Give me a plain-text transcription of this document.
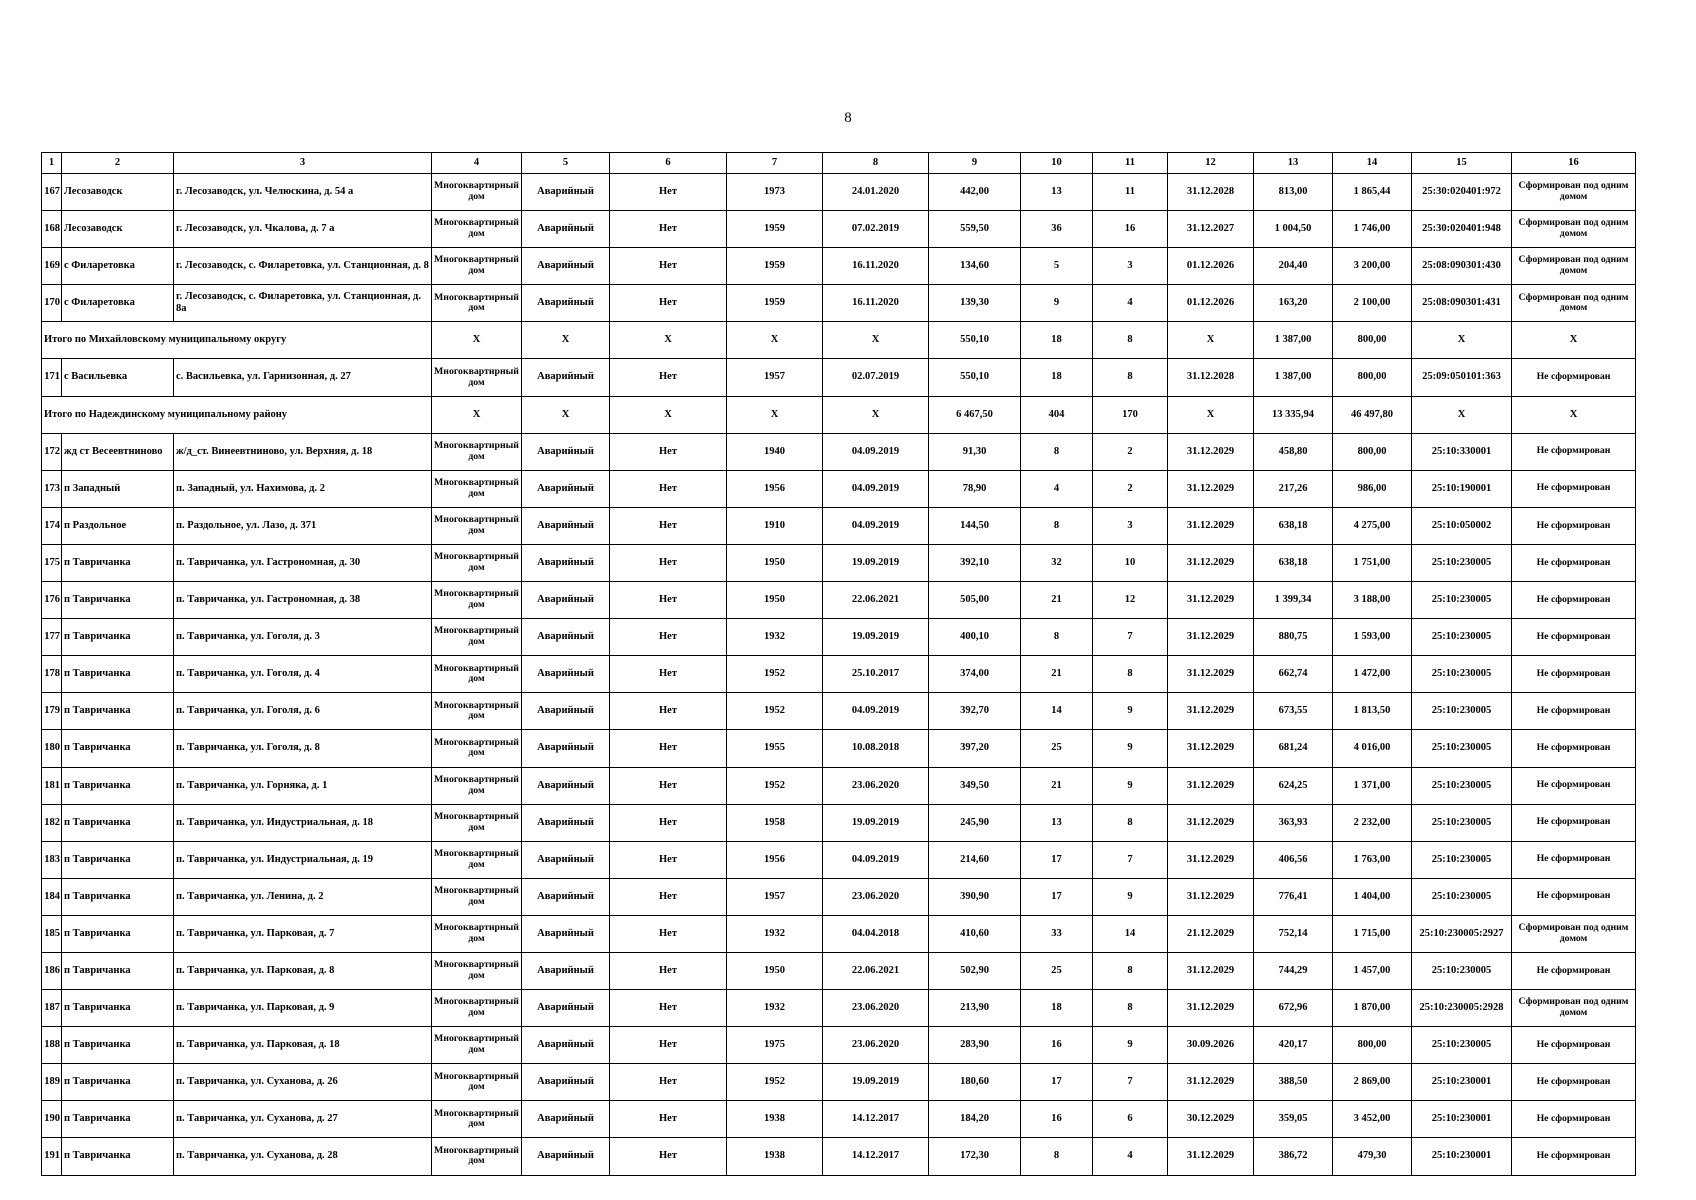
8
1	2	3	4	5	6	7	8	9	10	11	12	13	14	15	16
167	Лесозаводск	г. Лесозаводск, ул. Челюскина, д. 54 а	Многоквартирный дом	Аварийный	Нет	1973	24.01.2020	442,00	13	11	31.12.2028	813,00	1 865,44	25:30:020401:972	Сформирован под одним домом
168	Лесозаводск	г. Лесозаводск, ул. Чкалова, д. 7 а	Многоквартирный дом	Аварийный	Нет	1959	07.02.2019	559,50	36	16	31.12.2027	1 004,50	1 746,00	25:30:020401:948	Сформирован под одним домом
169	с Филаретовка	г. Лесозаводск, с. Филаретовка, ул. Станционная, д. 8	Многоквартирный дом	Аварийный	Нет	1959	16.11.2020	134,60	5	3	01.12.2026	204,40	3 200,00	25:08:090301:430	Сформирован под одним домом
170	с Филаретовка	г. Лесозаводск, с. Филаретовка, ул. Станционная, д. 8а	Многоквартирный дом	Аварийный	Нет	1959	16.11.2020	139,30	9	4	01.12.2026	163,20	2 100,00	25:08:090301:431	Сформирован под одним домом
Итого по Михайловскому муниципальному округу			Х	Х	Х	Х	Х	550,10	18	8	Х	1 387,00	800,00	Х	Х
171	с Васильевка	с. Васильевка, ул. Гарнизонная, д. 27	Многоквартирный дом	Аварийный	Нет	1957	02.07.2019	550,10	18	8	31.12.2028	1 387,00	800,00	25:09:050101:363	Не сформирован
Итого по Надеждинскому муниципальному району			Х	Х	Х	Х	Х	6 467,50	404	170	Х	13 335,94	46 497,80	Х	Х
172	жд ст Весеевтниново	ж/д_ст. Винеевтниново, ул. Верхняя, д. 18	Многоквартирный дом	Аварийный	Нет	1940	04.09.2019	91,30	8	2	31.12.2029	458,80	800,00	25:10:330001	Не сформирован
173	п Западный	п. Западный, ул. Нахимова, д. 2	Многоквартирный дом	Аварийный	Нет	1956	04.09.2019	78,90	4	2	31.12.2029	217,26	986,00	25:10:190001	Не сформирован
174	п Раздольное	п. Раздольное, ул. Лазо, д. 371	Многоквартирный дом	Аварийный	Нет	1910	04.09.2019	144,50	8	3	31.12.2029	638,18	4 275,00	25:10:050002	Не сформирован
175	п Тавричанка	п. Тавричанка, ул. Гастрономная, д. 30	Многоквартирный дом	Аварийный	Нет	1950	19.09.2019	392,10	32	10	31.12.2029	638,18	1 751,00	25:10:230005	Не сформирован
176	п Тавричанка	п. Тавричанка, ул. Гастрономная, д. 38	Многоквартирный дом	Аварийный	Нет	1950	22.06.2021	505,00	21	12	31.12.2029	1 399,34	3 188,00	25:10:230005	Не сформирован
177	п Тавричанка	п. Тавричанка, ул. Гоголя, д. 3	Многоквартирный дом	Аварийный	Нет	1932	19.09.2019	400,10	8	7	31.12.2029	880,75	1 593,00	25:10:230005	Не сформирован
178	п Тавричанка	п. Тавричанка, ул. Гоголя, д. 4	Многоквартирный дом	Аварийный	Нет	1952	25.10.2017	374,00	21	8	31.12.2029	662,74	1 472,00	25:10:230005	Не сформирован
179	п Тавричанка	п. Тавричанка, ул. Гоголя, д. 6	Многоквартирный дом	Аварийный	Нет	1952	04.09.2019	392,70	14	9	31.12.2029	673,55	1 813,50	25:10:230005	Не сформирован
180	п Тавричанка	п. Тавричанка, ул. Гоголя, д. 8	Многоквартирный дом	Аварийный	Нет	1955	10.08.2018	397,20	25	9	31.12.2029	681,24	4 016,00	25:10:230005	Не сформирован
181	п Тавричанка	п. Тавричанка, ул. Горняка, д. 1	Многоквартирный дом	Аварийный	Нет	1952	23.06.2020	349,50	21	9	31.12.2029	624,25	1 371,00	25:10:230005	Не сформирован
182	п Тавричанка	п. Тавричанка, ул. Индустриальная, д. 18	Многоквартирный дом	Аварийный	Нет	1958	19.09.2019	245,90	13	8	31.12.2029	363,93	2 232,00	25:10:230005	Не сформирован
183	п Тавричанка	п. Тавричанка, ул. Индустриальная, д. 19	Многоквартирный дом	Аварийный	Нет	1956	04.09.2019	214,60	17	7	31.12.2029	406,56	1 763,00	25:10:230005	Не сформирован
184	п Тавричанка	п. Тавричанка, ул. Ленина, д. 2	Многоквартирный дом	Аварийный	Нет	1957	23.06.2020	390,90	17	9	31.12.2029	776,41	1 404,00	25:10:230005	Не сформирован
185	п Тавричанка	п. Тавричанка, ул. Парковая, д. 7	Многоквартирный дом	Аварийный	Нет	1932	04.04.2018	410,60	33	14	21.12.2029	752,14	1 715,00	25:10:230005:2927	Сформирован под одним домом
186	п Тавричанка	п. Тавричанка, ул. Парковая, д. 8	Многоквартирный дом	Аварийный	Нет	1950	22.06.2021	502,90	25	8	31.12.2029	744,29	1 457,00	25:10:230005	Не сформирован
187	п Тавричанка	п. Тавричанка, ул. Парковая, д. 9	Многоквартирный дом	Аварийный	Нет	1932	23.06.2020	213,90	18	8	31.12.2029	672,96	1 870,00	25:10:230005:2928	Сформирован под одним домом
188	п Тавричанка	п. Тавричанка, ул. Парковая, д. 18	Многоквартирный дом	Аварийный	Нет	1975	23.06.2020	283,90	16	9	30.09.2026	420,17	800,00	25:10:230005	Не сформирован
189	п Тавричанка	п. Тавричанка, ул. Суханова, д. 26	Многоквартирный дом	Аварийный	Нет	1952	19.09.2019	180,60	17	7	31.12.2029	388,50	2 869,00	25:10:230001	Не сформирован
190	п Тавричанка	п. Тавричанка, ул. Суханова, д. 27	Многоквартирный дом	Аварийный	Нет	1938	14.12.2017	184,20	16	6	30.12.2029	359,05	3 452,00	25:10:230001	Не сформирован
191	п Тавричанка	п. Тавричанка, ул. Суханова, д. 28	Многоквартирный дом	Аварийный	Нет	1938	14.12.2017	172,30	8	4	31.12.2029	386,72	479,30	25:10:230001	Не сформирован
